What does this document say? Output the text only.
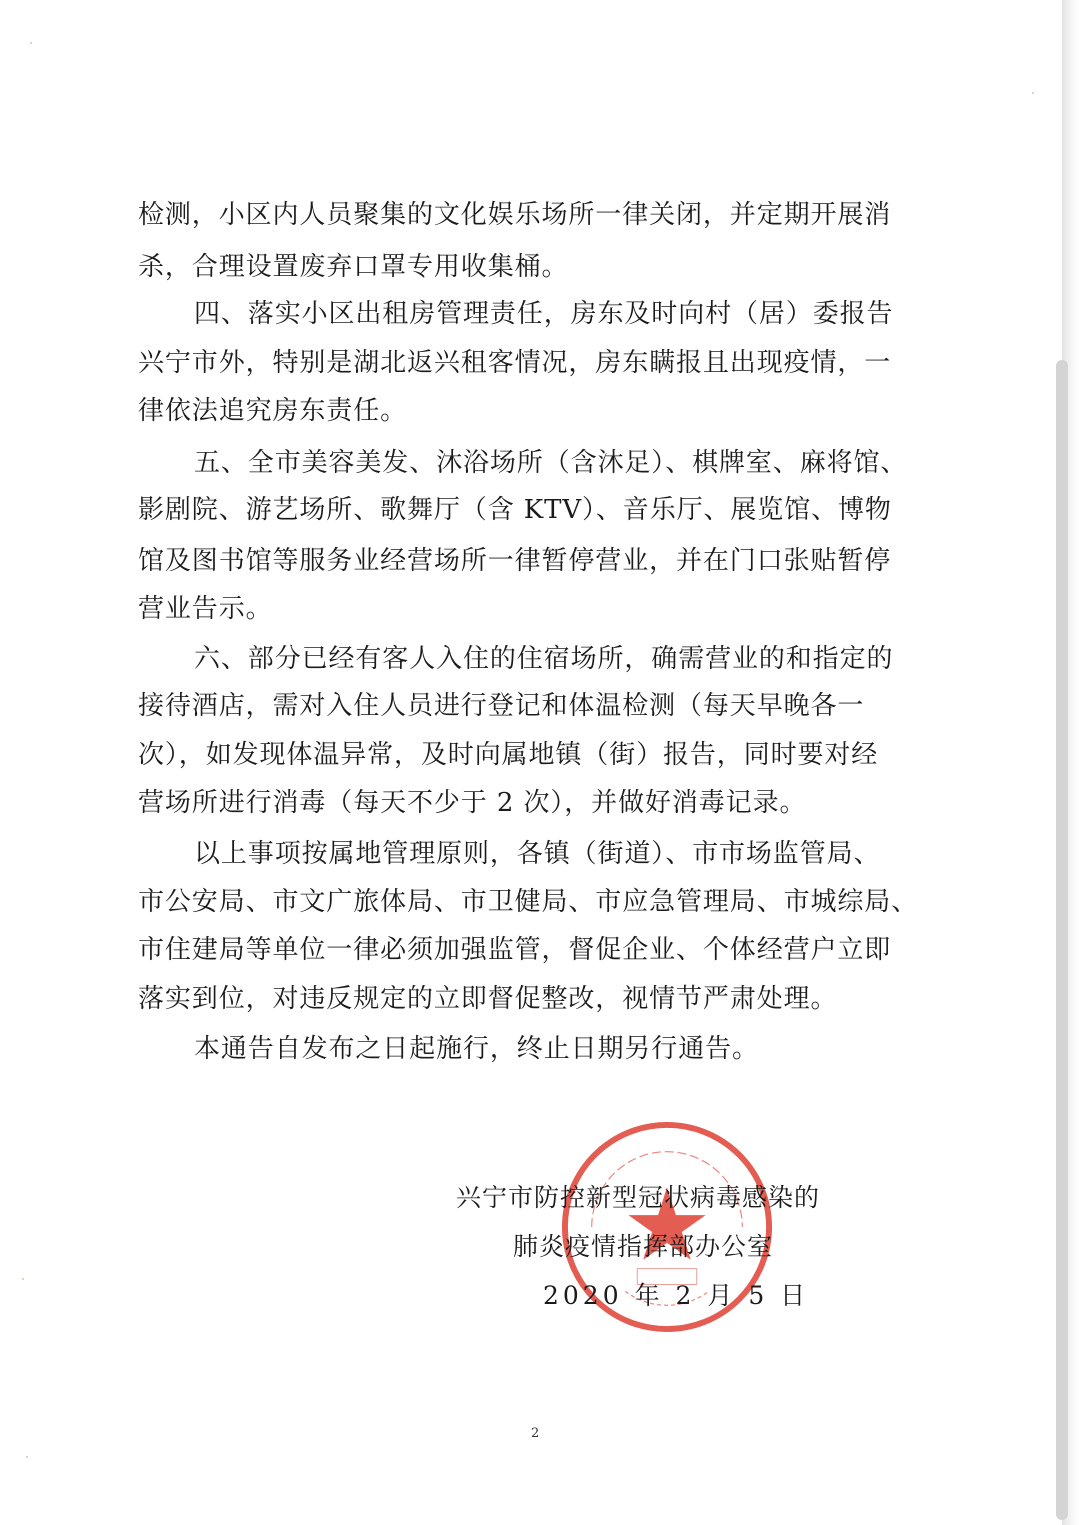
检测，小区内人员聚集的文化娱乐场所一律关闭，并定期开展消

杀，合理设置废弃口罩专用收集桶。

四、落实小区出租房管理责任，房东及时向村（居）委报告

兴宁市外，特别是湖北返兴租客情况，房东瞒报且出现疫情，一

律依法追究房东责任。

五、全市美容美发、沐浴场所（含沐足）、棋牌室、麻将馆、

影剧院、游艺场所、歌舞厅（含 KTV）、音乐厅、展览馆、博物

馆及图书馆等服务业经营场所一律暂停营业，并在门口张贴暂停

营业告示。

六、部分已经有客人入住的住宿场所，确需营业的和指定的

接待酒店，需对入住人员进行登记和体温检测（每天早晚各一

次），如发现体温异常，及时向属地镇（街）报告，同时要对经

营场所进行消毒（每天不少于 2 次），并做好消毒记录。

以上事项按属地管理原则，各镇（街道）、市市场监管局、

市公安局、市文广旅体局、市卫健局、市应急管理局、市城综局、

市住建局等单位一律必须加强监管，督促企业、个体经营户立即

落实到位，对违反规定的立即督促整改，视情节严肃处理。

本通告自发布之日起施行，终止日期另行通告。

兴宁市防控新型冠状病毒感染的
肺炎疫情指挥部办公室
2020 年 2 月 5 日
2
